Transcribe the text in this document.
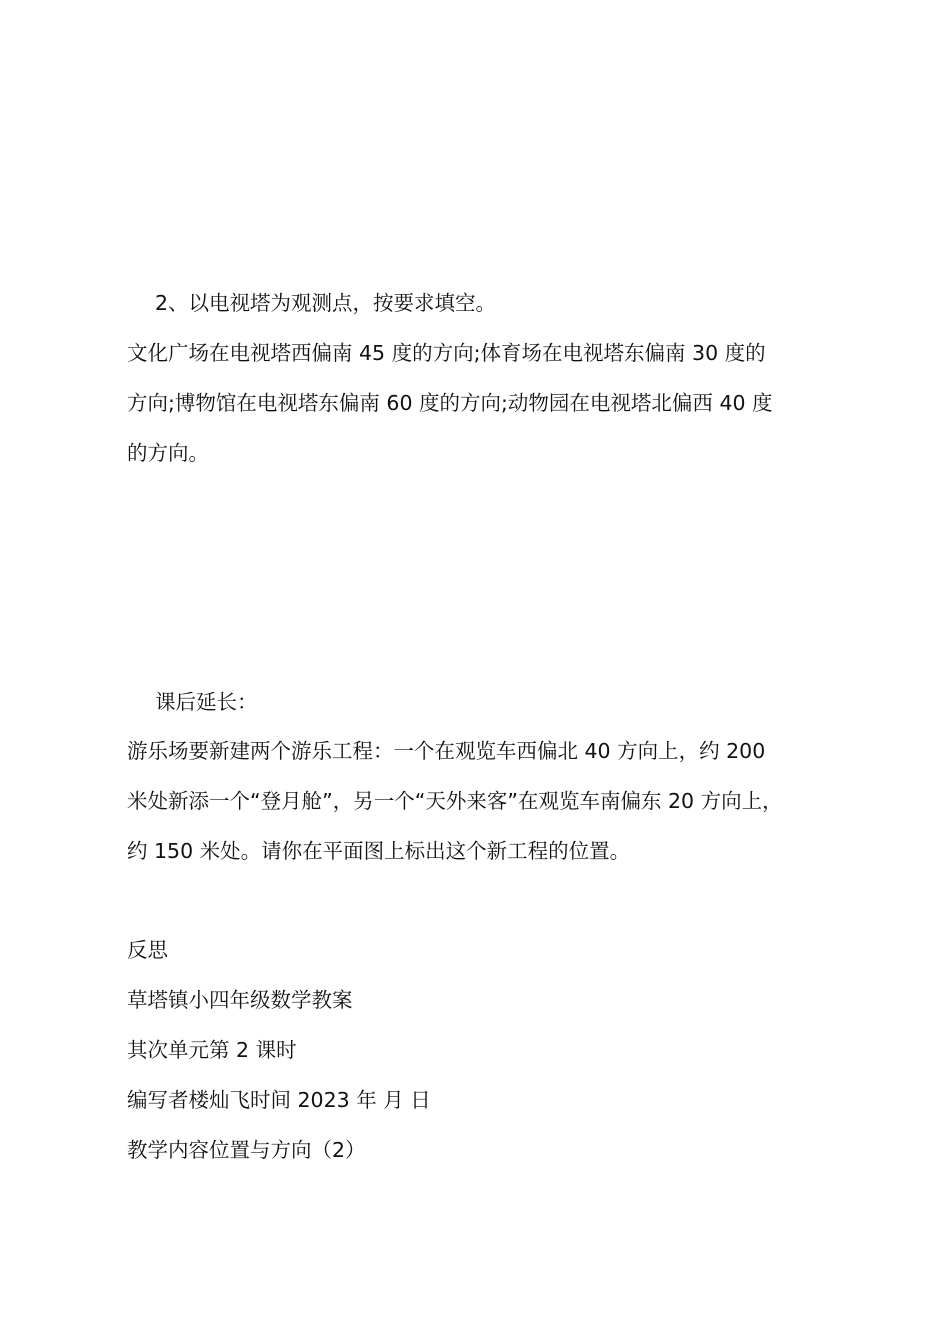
2、以电视塔为观测点，按要求填空。
文化广场在电视塔西偏南 45 度的方向;体育场在电视塔东偏南 30 度的
方向;博物馆在电视塔东偏南 60 度的方向;动物园在电视塔北偏西 40 度
的方向。
课后延长：
游乐场要新建两个游乐工程：一个在观览车西偏北 40 方向上，约 200
米处新添一个“登月舱”，另一个“天外来客”在观览车南偏东 20 方向上，
约 150 米处。请你在平面图上标出这个新工程的位置。
反思
草塔镇小四年级数学教案
其次单元第 2 课时
编写者楼灿飞时间 2023 年 月 日
教学内容位置与方向（2）
